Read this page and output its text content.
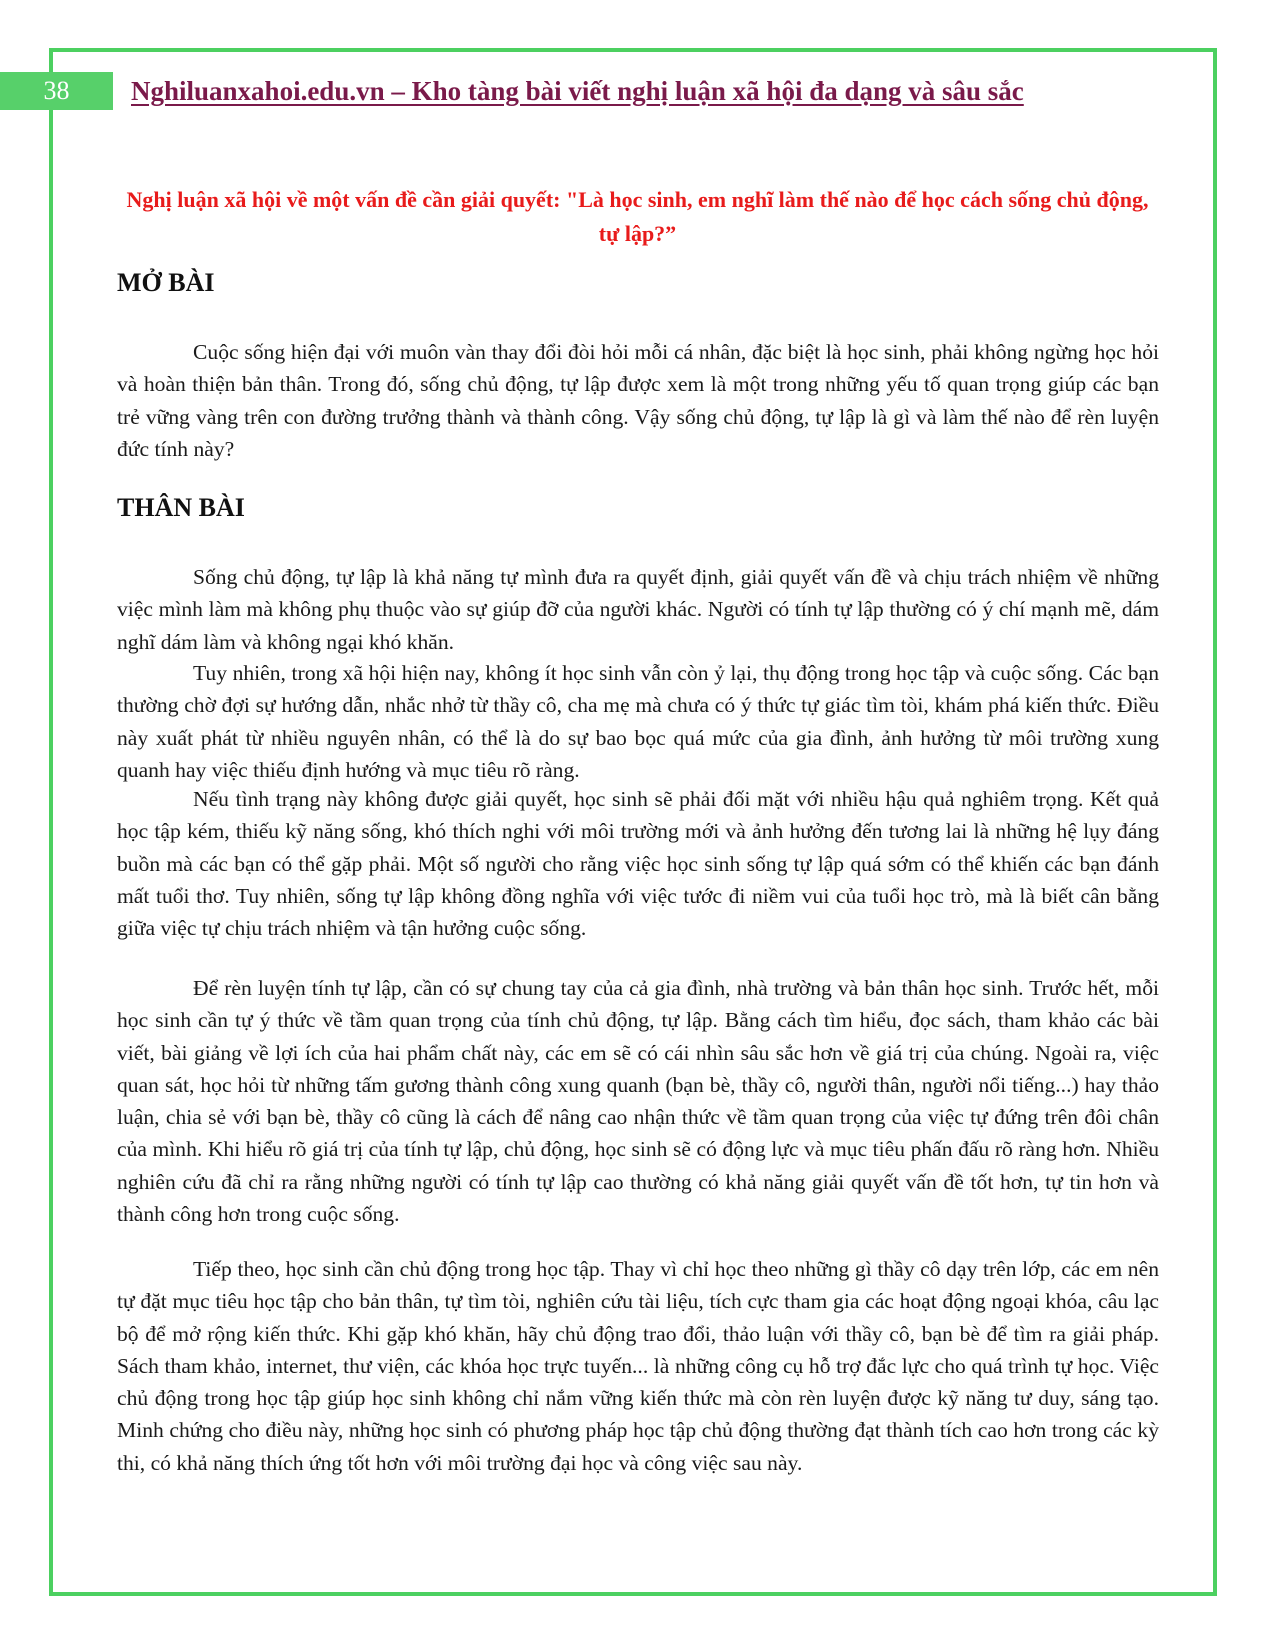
38	Nghiluanxahoi.edu.vn – Kho tàng bài viết nghị luận xã hội đa dạng và sâu sắc
Nghị luận xã hội về một vấn đề cần giải quyết: "Là học sinh, em nghĩ làm thế nào để học cách sống chủ động, tự lập?”
MỞ BÀI

Cuộc sống hiện đại với muôn vàn thay đổi đòi hỏi mỗi cá nhân, đặc biệt là học sinh, phải không ngừng học hỏi và hoàn thiện bản thân. Trong đó, sống chủ động, tự lập được xem là một trong những yếu tố quan trọng giúp các bạn trẻ vững vàng trên con đường trưởng thành và thành công. Vậy sống chủ động, tự lập là gì và làm thế nào để rèn luyện đức tính này?

THÂN BÀI

Sống chủ động, tự lập là khả năng tự mình đưa ra quyết định, giải quyết vấn đề và chịu trách nhiệm về những việc mình làm mà không phụ thuộc vào sự giúp đỡ của người khác. Người có tính tự lập thường có ý chí mạnh mẽ, dám nghĩ dám làm và không ngại khó khăn.

Tuy nhiên, trong xã hội hiện nay, không ít học sinh vẫn còn ỷ lại, thụ động trong học tập và cuộc sống. Các bạn thường chờ đợi sự hướng dẫn, nhắc nhở từ thầy cô, cha mẹ mà chưa có ý thức tự giác tìm tòi, khám phá kiến thức. Điều này xuất phát từ nhiều nguyên nhân, có thể là do sự bao bọc quá mức của gia đình, ảnh hưởng từ môi trường xung quanh hay việc thiếu định hướng và mục tiêu rõ ràng.

Nếu tình trạng này không được giải quyết, học sinh sẽ phải đối mặt với nhiều hậu quả nghiêm trọng. Kết quả học tập kém, thiếu kỹ năng sống, khó thích nghi với môi trường mới và ảnh hưởng đến tương lai là những hệ lụy đáng buồn mà các bạn có thể gặp phải. Một số người cho rằng việc học sinh sống tự lập quá sớm có thể khiến các bạn đánh mất tuổi thơ. Tuy nhiên, sống tự lập không đồng nghĩa với việc tước đi niềm vui của tuổi học trò, mà là biết cân bằng giữa việc tự chịu trách nhiệm và tận hưởng cuộc sống.

Để rèn luyện tính tự lập, cần có sự chung tay của cả gia đình, nhà trường và bản thân học sinh. Trước hết, mỗi học sinh cần tự ý thức về tầm quan trọng của tính chủ động, tự lập. Bằng cách tìm hiểu, đọc sách, tham khảo các bài viết, bài giảng về lợi ích của hai phẩm chất này, các em sẽ có cái nhìn sâu sắc hơn về giá trị của chúng. Ngoài ra, việc quan sát, học hỏi từ những tấm gương thành công xung quanh (bạn bè, thầy cô, người thân, người nổi tiếng...) hay thảo luận, chia sẻ với bạn bè, thầy cô cũng là cách để nâng cao nhận thức về tầm quan trọng của việc tự đứng trên đôi chân của mình. Khi hiểu rõ giá trị của tính tự lập, chủ động, học sinh sẽ có động lực và mục tiêu phấn đấu rõ ràng hơn. Nhiều nghiên cứu đã chỉ ra rằng những người có tính tự lập cao thường có khả năng giải quyết vấn đề tốt hơn, tự tin hơn và thành công hơn trong cuộc sống.

Tiếp theo, học sinh cần chủ động trong học tập. Thay vì chỉ học theo những gì thầy cô dạy trên lớp, các em nên tự đặt mục tiêu học tập cho bản thân, tự tìm tòi, nghiên cứu tài liệu, tích cực tham gia các hoạt động ngoại khóa, câu lạc bộ để mở rộng kiến thức. Khi gặp khó khăn, hãy chủ động trao đổi, thảo luận với thầy cô, bạn bè để tìm ra giải pháp. Sách tham khảo, internet, thư viện, các khóa học trực tuyến... là những công cụ hỗ trợ đắc lực cho quá trình tự học. Việc chủ động trong học tập giúp học sinh không chỉ nắm vững kiến thức mà còn rèn luyện được kỹ năng tư duy, sáng tạo. Minh chứng cho điều này, những học sinh có phương pháp học tập chủ động thường đạt thành tích cao hơn trong các kỳ thi, có khả năng thích ứng tốt hơn với môi trường đại học và công việc sau này.
